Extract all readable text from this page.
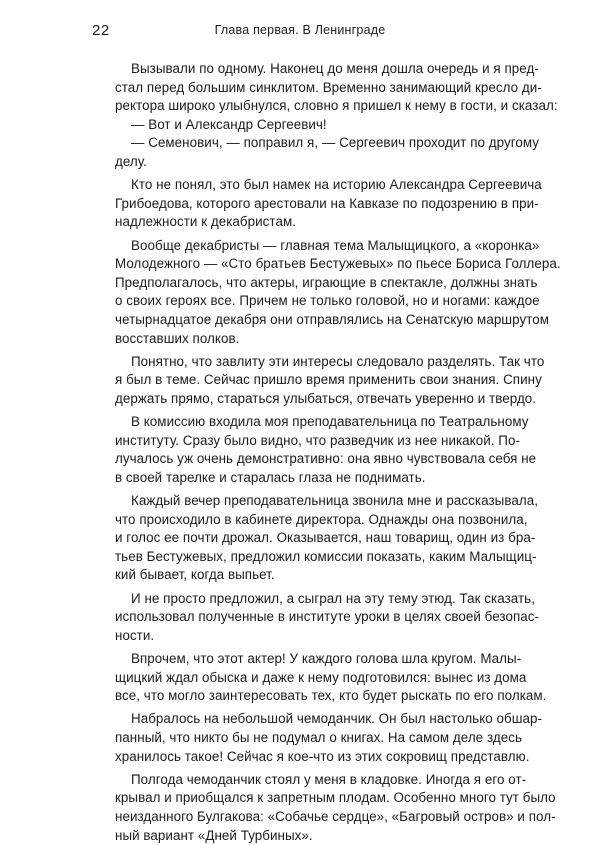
22	Глава первая. В Ленинграде
Вызывали по одному. Наконец до меня дошла очередь и я пред-
стал перед большим синклитом. Временно занимающий кресло ди-
ректора широко улыбнулся, словно я пришел к нему в гости, и сказал:
— Вот и Александр Сергеевич!
— Семенович, — поправил я, — Сергеевич проходит по другому
делу.
Кто не понял, это был намек на историю Александра Сергеевича
Грибоедова, которого арестовали на Кавказе по подозрению в при-
надлежности к декабристам.
Вообще декабристы — главная тема Малыщицкого, а «коронка»
Молодежного — «Сто братьев Бестужевых» по пьесе Бориса Голлера.
Предполагалось, что актеры, играющие в спектакле, должны знать
о своих героях все. Причем не только головой, но и ногами: каждое
четырнадцатое декабря они отправлялись на Сенатскую маршрутом
восставших полков.
Понятно, что завлиту эти интересы следовало разделять. Так что
я был в теме. Сейчас пришло время применить свои знания. Спину
держать прямо, стараться улыбаться, отвечать уверенно и твердо.
В комиссию входила моя преподавательница по Театральному
институту. Сразу было видно, что разведчик из нее никакой. По-
лучалось уж очень демонстративно: она явно чувствовала себя не
в своей тарелке и старалась глаза не поднимать.
Каждый вечер преподавательница звонила мне и рассказывала,
что происходило в кабинете директора. Однажды она позвонила,
и голос ее почти дрожал. Оказывается, наш товарищ, один из бра-
тьев Бестужевых, предложил комиссии показать, каким Малыщиц-
кий бывает, когда выпьет.
И не просто предложил, а сыграл на эту тему этюд. Так сказать,
использовал полученные в институте уроки в целях своей безопас-
ности.
Впрочем, что этот актер! У каждого голова шла кругом. Малы-
щицкий ждал обыска и даже к нему подготовился: вынес из дома
все, что могло заинтересовать тех, кто будет рыскать по его полкам.
Набралось на небольшой чемоданчик. Он был настолько обшар-
панный, что никто бы не подумал о книгах. На самом деле здесь
хранилось такое! Сейчас я кое-что из этих сокровищ представлю.
Полгода чемоданчик стоял у меня в кладовке. Иногда я его от-
крывал и приобщался к запретным плодам. Особенно много тут было
неизданного Булгакова: «Собачье сердце», «Багровый остров» и пол-
ный вариант «Дней Турбиных».
